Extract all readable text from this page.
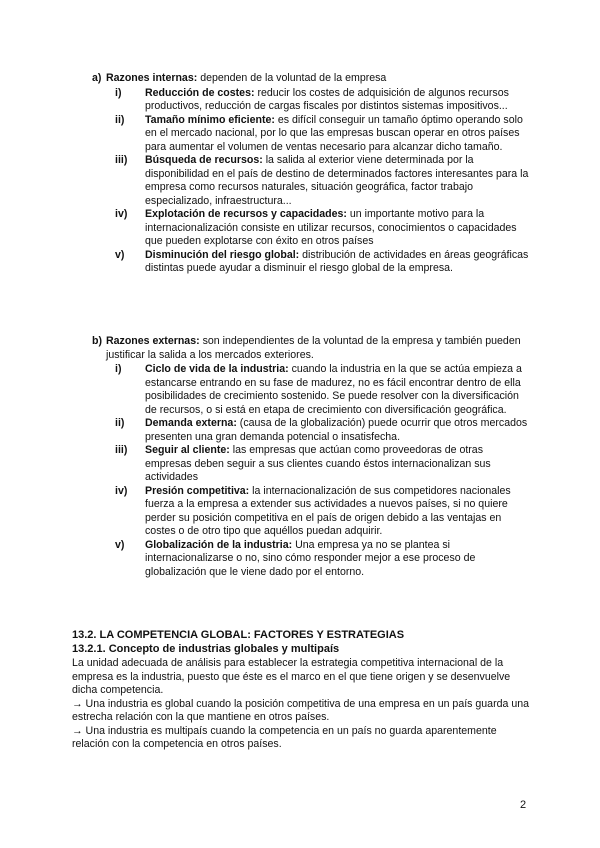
a) Razones internas: dependen de la voluntad de la empresa
i)	Reducción de costes: reducir los costes de adquisición de algunos recursos productivos, reducción de cargas fiscales por distintos sistemas impositivos...
ii)	Tamaño mínimo eficiente: es difícil conseguir un tamaño óptimo operando solo en el mercado nacional, por lo que las empresas buscan operar en otros países para aumentar el volumen de ventas necesario para alcanzar dicho tamaño.
iii)	Búsqueda de recursos: la salida al exterior viene determinada por la disponibilidad en el país de destino de determinados factores interesantes para la empresa como recursos naturales, situación geográfica, factor trabajo especializado, infraestructura...
iv)	Explotación de recursos y capacidades: un importante motivo para la internacionalización consiste en utilizar recursos, conocimientos o capacidades que pueden explotarse con éxito en otros países
v)	Disminución del riesgo global: distribución de actividades en áreas geográficas distintas puede ayudar a disminuir el riesgo global de la empresa.
b) Razones externas: son independientes de la voluntad de la empresa y también pueden justificar la salida a los mercados exteriores.
i)	Ciclo de vida de la industria: cuando la industria en la que se actúa empieza a estancarse entrando en su fase de madurez, no es fácil encontrar dentro de ella posibilidades de crecimiento sostenido. Se puede resolver con la diversificación de recursos, o si está en etapa de crecimiento con diversificación geográfica.
ii)	Demanda externa: (causa de la globalización) puede ocurrir que otros mercados presenten una gran demanda potencial o insatisfecha.
iii)	Seguir al cliente: las empresas que actúan como proveedoras de otras empresas deben seguir a sus clientes cuando éstos internacionalizan sus actividades
iv)	Presión competitiva: la internacionalización de sus competidores nacionales fuerza a la empresa a extender sus actividades a nuevos países, si no quiere perder su posición competitiva en el país de origen debido a las ventajas en costes o de otro tipo que aquéllos puedan adquirir.
v)	Globalización de la industria: Una empresa ya no se plantea si internacionalizarse o no, sino cómo responder mejor a ese proceso de globalización que le viene dado por el entorno.
13.2. LA COMPETENCIA GLOBAL: FACTORES Y ESTRATEGIAS
13.2.1. Concepto de industrias globales y multipaís

La unidad adecuada de análisis para establecer la estrategia competitiva internacional de la empresa es la industria, puesto que éste es el marco en el que tiene origen y se desenvuelve dicha competencia.

→ Una industria es global cuando la posición competitiva de una empresa en un país guarda una estrecha relación con la que mantiene en otros países.

→ Una industria es multipaís cuando la competencia en un país no guarda aparentemente relación con la competencia en otros países.

2
